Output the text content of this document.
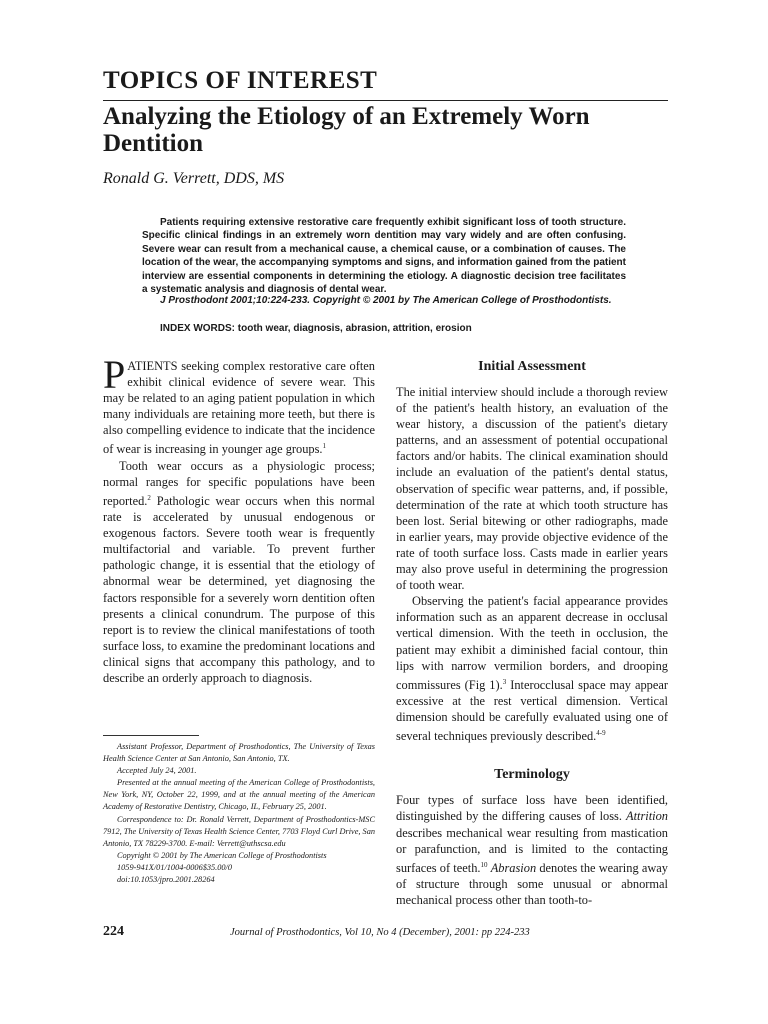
TOPICS OF INTEREST
Analyzing the Etiology of an Extremely Worn Dentition
Ronald G. Verrett, DDS, MS

Patients requiring extensive restorative care frequently exhibit significant loss of tooth structure. Specific clinical findings in an extremely worn dentition may vary widely and are often confusing. Severe wear can result from a mechanical cause, a chemical cause, or a combination of causes. The location of the wear, the accompanying symptoms and signs, and information gained from the patient interview are essential components in determining the etiology. A diagnostic decision tree facilitates a systematic analysis and diagnosis of dental wear.

J Prosthodont 2001;10:224-233. Copyright © 2001 by The American College of Prosthodontists.
INDEX WORDS: tooth wear, diagnosis, abrasion, attrition, erosion

PATIENTS seeking complex restorative care often exhibit clinical evidence of severe wear. This may be related to an aging patient population in which many individuals are retaining more teeth, but there is also compelling evidence to indicate that the incidence of wear is increasing in younger age groups.$^1$

Tooth wear occurs as a physiologic process; normal ranges for specific populations have been reported.$^2$ Pathologic wear occurs when this normal rate is accelerated by unusual endogenous or exogenous factors. Severe tooth wear is frequently multifactorial and variable. To prevent further pathologic change, it is essential that the etiology of abnormal wear be determined, yet diagnosing the factors responsible for a severely worn dentition often presents a clinical conundrum. The purpose of this report is to review the clinical manifestations of tooth surface loss, to examine the predominant locations and clinical signs that accompany this pathology, and to describe an orderly approach to diagnosis.

Initial Assessment

The initial interview should include a thorough review of the patient's health history, an evaluation of the wear history, a discussion of the patient's dietary patterns, and an assessment of potential occupational factors and/or habits. The clinical examination should include an evaluation of the patient's dental status, observation of specific wear patterns, and, if possible, determination of the rate at which tooth structure has been lost. Serial bitewing or other radiographs, made in earlier years, may provide objective evidence of the rate of tooth surface loss. Casts made in earlier years may also prove useful in determining the progression of tooth wear.

Observing the patient's facial appearance provides information such as an apparent decrease in occlusal vertical dimension. With the teeth in occlusion, the patient may exhibit a diminished facial contour, thin lips with narrow vermilion borders, and drooping commissures (Fig 1).$^3$ Interocclusal space may appear excessive at the rest vertical dimension. Vertical dimension should be carefully evaluated using one of several techniques previously described.$^{4-9}$

Terminology

Four types of surface loss have been identified, distinguished by the differing causes of loss. Attrition describes mechanical wear resulting from mastication or parafunction, and is limited to the contacting surfaces of teeth.$^{10}$ Abrasion denotes the wearing away of structure through some unusual or abnormal mechanical process other than tooth-to-

Assistant Professor, Department of Prosthodontics, The University of Texas Health Science Center at San Antonio, San Antonio, TX.

Accepted July 24, 2001.

Presented at the annual meeting of the American College of Prosthodontists, New York, NY, October 22, 1999, and at the annual meeting of the American Academy of Restorative Dentistry, Chicago, IL, February 25, 2001.

Correspondence to: Dr. Ronald Verrett, Department of Prosthodontics-MSC 7912, The University of Texas Health Science Center, 7703 Floyd Curl Drive, San Antonio, TX 78229-3700. E-mail: Verrett@uthscsa.edu

Copyright © 2001 by The American College of Prosthodontists

1059-941X/01/1004-0006$35.00/0

doi:10.1053/jpro.2001.28264

224	Journal of Prosthodontics, Vol 10, No 4 (December), 2001: pp 224-233
